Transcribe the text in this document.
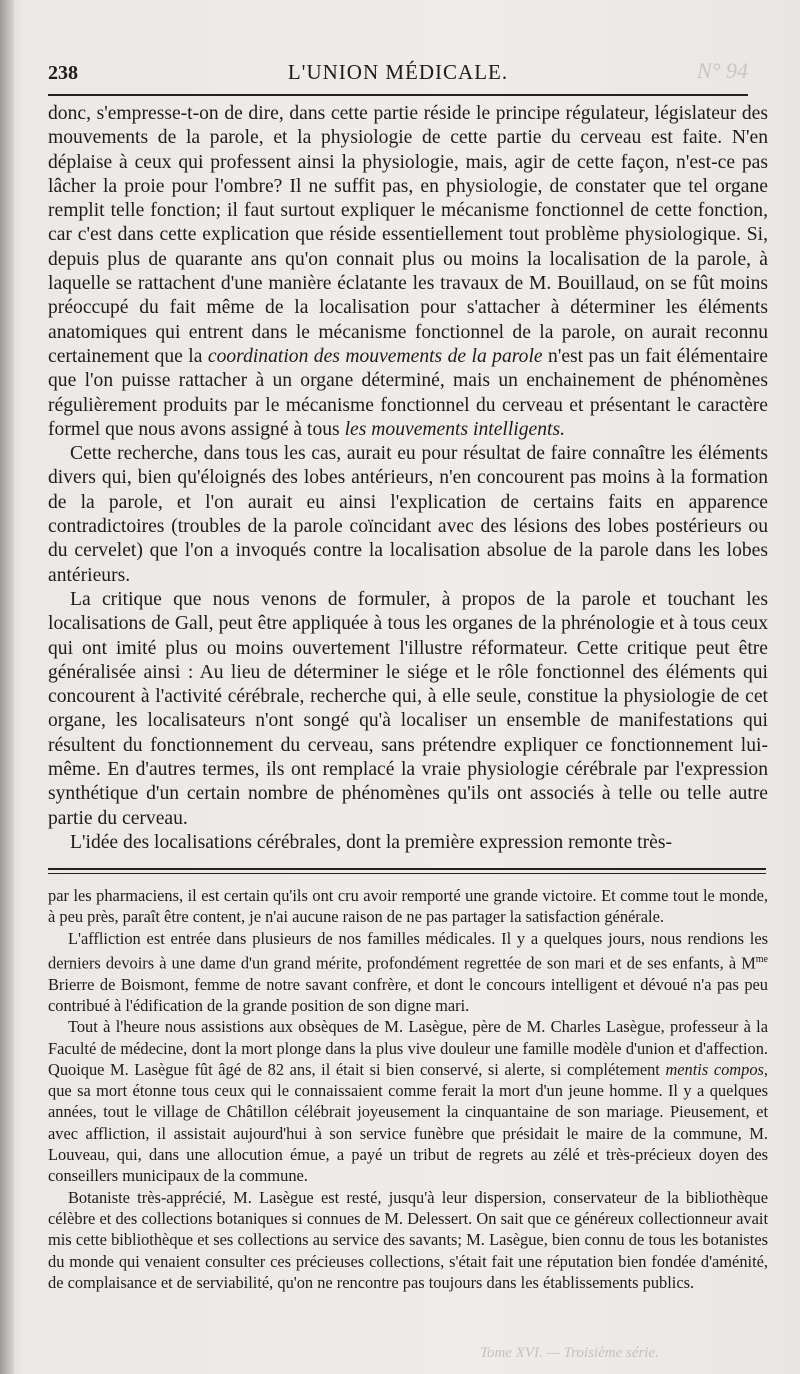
238	L'UNION MÉDICALE.	N° 94

donc, s'empresse-t-on de dire, dans cette partie réside le principe régulateur, législateur des mouvements de la parole, et la physiologie de cette partie du cerveau est faite. N'en déplaise à ceux qui professent ainsi la physiologie, mais, agir de cette façon, n'est-ce pas lâcher la proie pour l'ombre? Il ne suffit pas, en physiologie, de constater que tel organe remplit telle fonction; il faut surtout expliquer le mécanisme fonctionnel de cette fonction, car c'est dans cette explication que réside essentiellement tout problème physiologique. Si, depuis plus de quarante ans qu'on connait plus ou moins la localisation de la parole, à laquelle se rattachent d'une manière éclatante les travaux de M. Bouillaud, on se fût moins préoccupé du fait même de la localisation pour s'attacher à déterminer les éléments anatomiques qui entrent dans le mécanisme fonctionnel de la parole, on aurait reconnu certainement que la coordination des mouvements de la parole n'est pas un fait élémentaire que l'on puisse rattacher à un organe déterminé, mais un enchainement de phénomènes régulièrement produits par le mécanisme fonctionnel du cerveau et présentant le caractère formel que nous avons assigné à tous les mouvements intelligents.

Cette recherche, dans tous les cas, aurait eu pour résultat de faire connaître les éléments divers qui, bien qu'éloignés des lobes antérieurs, n'en concourent pas moins à la formation de la parole, et l'on aurait eu ainsi l'explication de certains faits en apparence contradictoires (troubles de la parole coïncidant avec des lésions des lobes postérieurs ou du cervelet) que l'on a invoqués contre la localisation absolue de la parole dans les lobes antérieurs.

La critique que nous venons de formuler, à propos de la parole et touchant les localisations de Gall, peut être appliquée à tous les organes de la phrénologie et à tous ceux qui ont imité plus ou moins ouvertement l'illustre réformateur. Cette critique peut être généralisée ainsi : Au lieu de déterminer le siége et le rôle fonctionnel des éléments qui concourent à l'activité cérébrale, recherche qui, à elle seule, constitue la physiologie de cet organe, les localisateurs n'ont songé qu'à localiser un ensemble de manifestations qui résultent du fonctionnement du cerveau, sans prétendre expliquer ce fonctionnement lui-même. En d'autres termes, ils ont remplacé la vraie physiologie cérébrale par l'expression synthétique d'un certain nombre de phénomènes qu'ils ont associés à telle ou telle autre partie du cerveau.

L'idée des localisations cérébrales, dont la première expression remonte très-

par les pharmaciens, il est certain qu'ils ont cru avoir remporté une grande victoire. Et comme tout le monde, à peu près, paraît être content, je n'ai aucune raison de ne pas partager la satisfaction générale.

L'affliction est entrée dans plusieurs de nos familles médicales. Il y a quelques jours, nous rendions les derniers devoirs à une dame d'un grand mérite, profondément regrettée de son mari et de ses enfants, à $M^{me}$ Brierre de Boismont, femme de notre savant confrère, et dont le concours intelligent et dévoué n'a pas peu contribué à l'édification de la grande position de son digne mari.

Tout à l'heure nous assistions aux obsèques de M. Lasègue, père de M. Charles Lasègue, professeur à la Faculté de médecine, dont la mort plonge dans la plus vive douleur une famille modèle d'union et d'affection. Quoique M. Lasègue fût âgé de 82 ans, il était si bien conservé, si alerte, si complétement mentis compos, que sa mort étonne tous ceux qui le connaissaient comme ferait la mort d'un jeune homme. Il y a quelques années, tout le village de Châtillon célébrait joyeusement la cinquantaine de son mariage. Pieusement, et avec affliction, il assistait aujourd'hui à son service funèbre que présidait le maire de la commune, M. Louveau, qui, dans une allocution émue, a payé un tribut de regrets au zélé et très-précieux doyen des conseillers municipaux de la commune.

Botaniste très-apprécié, M. Lasègue est resté, jusqu'à leur dispersion, conservateur de la bibliothèque célèbre et des collections botaniques si connues de M. Delessert. On sait que ce généreux collectionneur avait mis cette bibliothèque et ses collections au service des savants; M. Lasègue, bien connu de tous les botanistes du monde qui venaient consulter ces précieuses collections, s'était fait une réputation bien fondée d'aménité, de complaisance et de serviabilité, qu'on ne rencontre pas toujours dans les établissements publics.

Tome XVI. — Troisième série.
